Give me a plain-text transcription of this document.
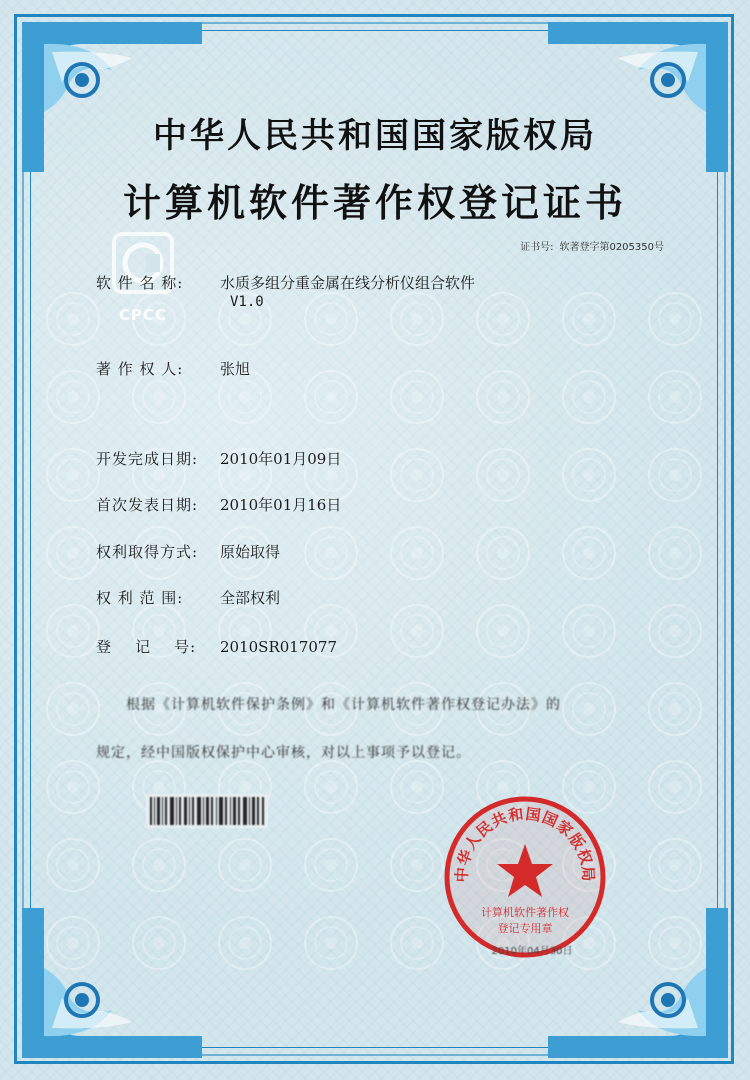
中华人民共和国国家版权局
计算机软件著作权登记证书
证书号: 软著登字第0205350号
CPCC
软 件 名 称: 水质多组分重金属在线分析仪组合软件
V1.0
著 作 权 人: 张旭
开发完成日期: 2010年01月09日
首次发表日期: 2010年01月16日
权利取得方式: 原始取得
权 利 范 围: 全部权利
登    记    号: 2010SR017077
根据《计算机软件保护条例》和《计算机软件著作权登记办法》的
规定，经中国版权保护中心审核，对以上事项予以登记。
中华人民共和国国家版权局
计算机软件著作权
登记专用章
2010年04月30日
